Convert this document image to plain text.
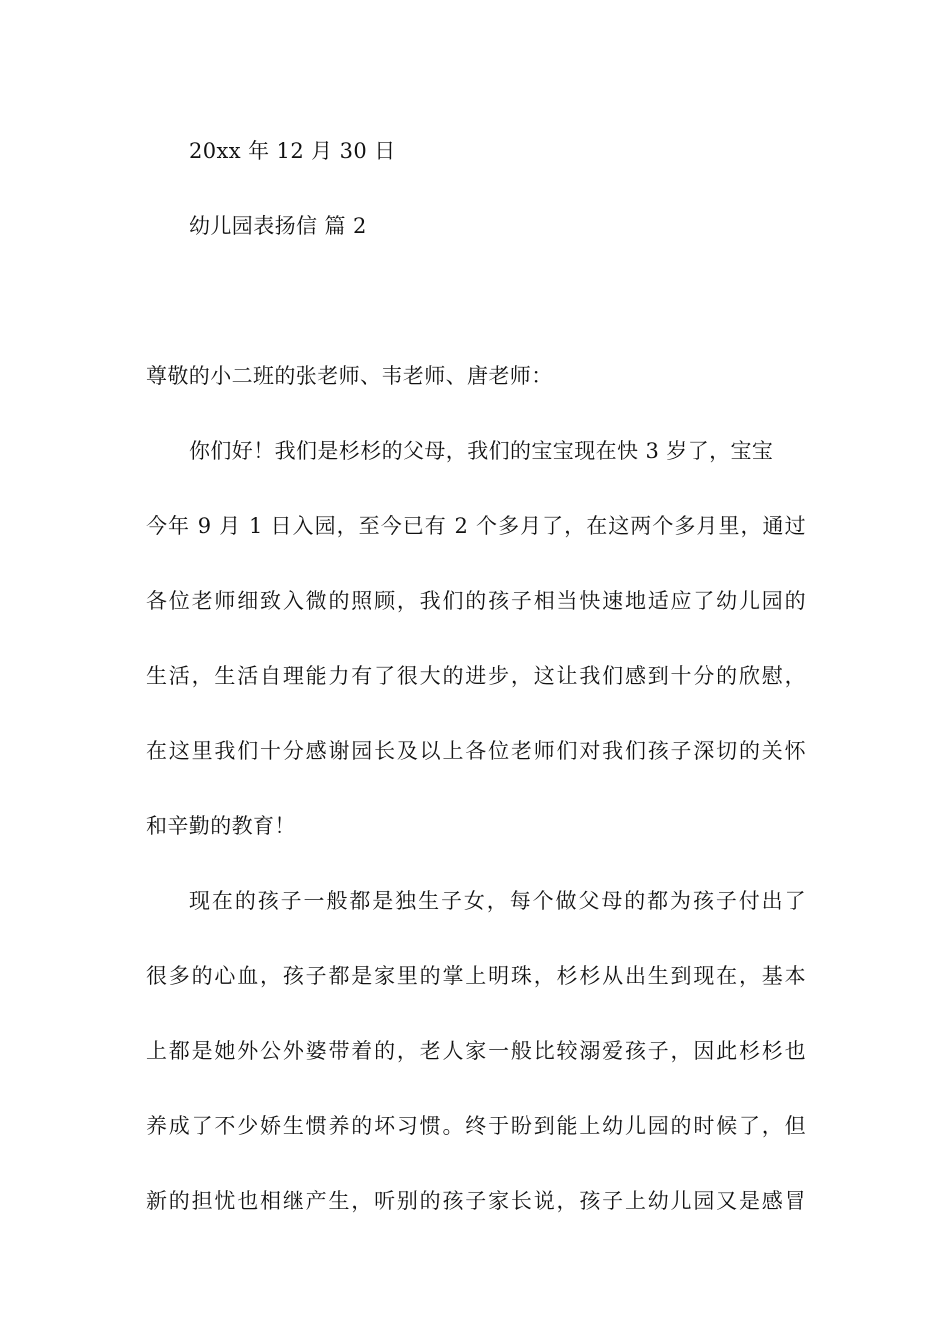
20xx 年 12 月 30 日
幼儿园表扬信 篇 2
尊敬的小二班的张老师、韦老师、唐老师：
你们好！我们是杉杉的父母，我们的宝宝现在快 3 岁了，宝宝
今年 9 月 1 日入园，至今已有 2 个多月了，在这两个多月里，通过
各位老师细致入微的照顾，我们的孩子相当快速地适应了幼儿园的
生活，生活自理能力有了很大的进步，这让我们感到十分的欣慰，
在这里我们十分感谢园长及以上各位老师们对我们孩子深切的关怀
和辛勤的教育！
现在的孩子一般都是独生子女，每个做父母的都为孩子付出了
很多的心血，孩子都是家里的掌上明珠，杉杉从出生到现在，基本
上都是她外公外婆带着的，老人家一般比较溺爱孩子，因此杉杉也
养成了不少娇生惯养的坏习惯。终于盼到能上幼儿园的时候了，但
新的担忧也相继产生，听别的孩子家长说，孩子上幼儿园又是感冒
